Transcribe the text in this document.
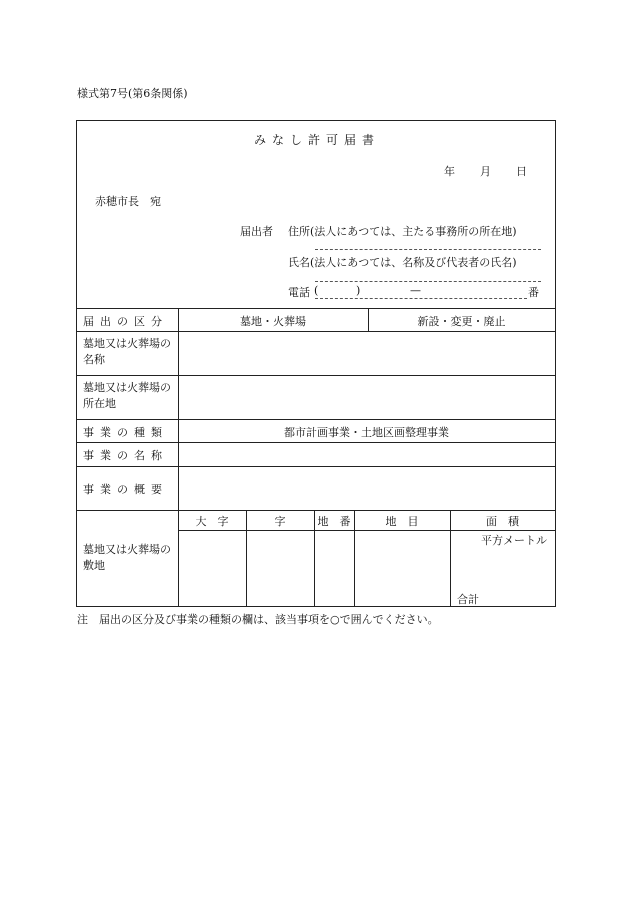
様式第7号(第6条関係)
みなし許可届書
年 月 日
赤穂市長　宛
届出者 住所(法人にあつては、主たる事務所の所在地)
氏名(法人にあつては、名称及び代表者の氏名)
電話 (	)	—	番
届出の区分	墓地・火葬場	新設・変更・廃止
墓地又は火葬場の名称
墓地又は火葬場の所在地
事業の種類	都市計画事業・土地区画整理事業
事業の名称
事業の概要
墓地又は火葬場の敷地
大　字	字	地　番	地　目	面　積
平方メートル
合計
注　届出の区分及び事業の種類の欄は、該当事項を○で囲んでください。
